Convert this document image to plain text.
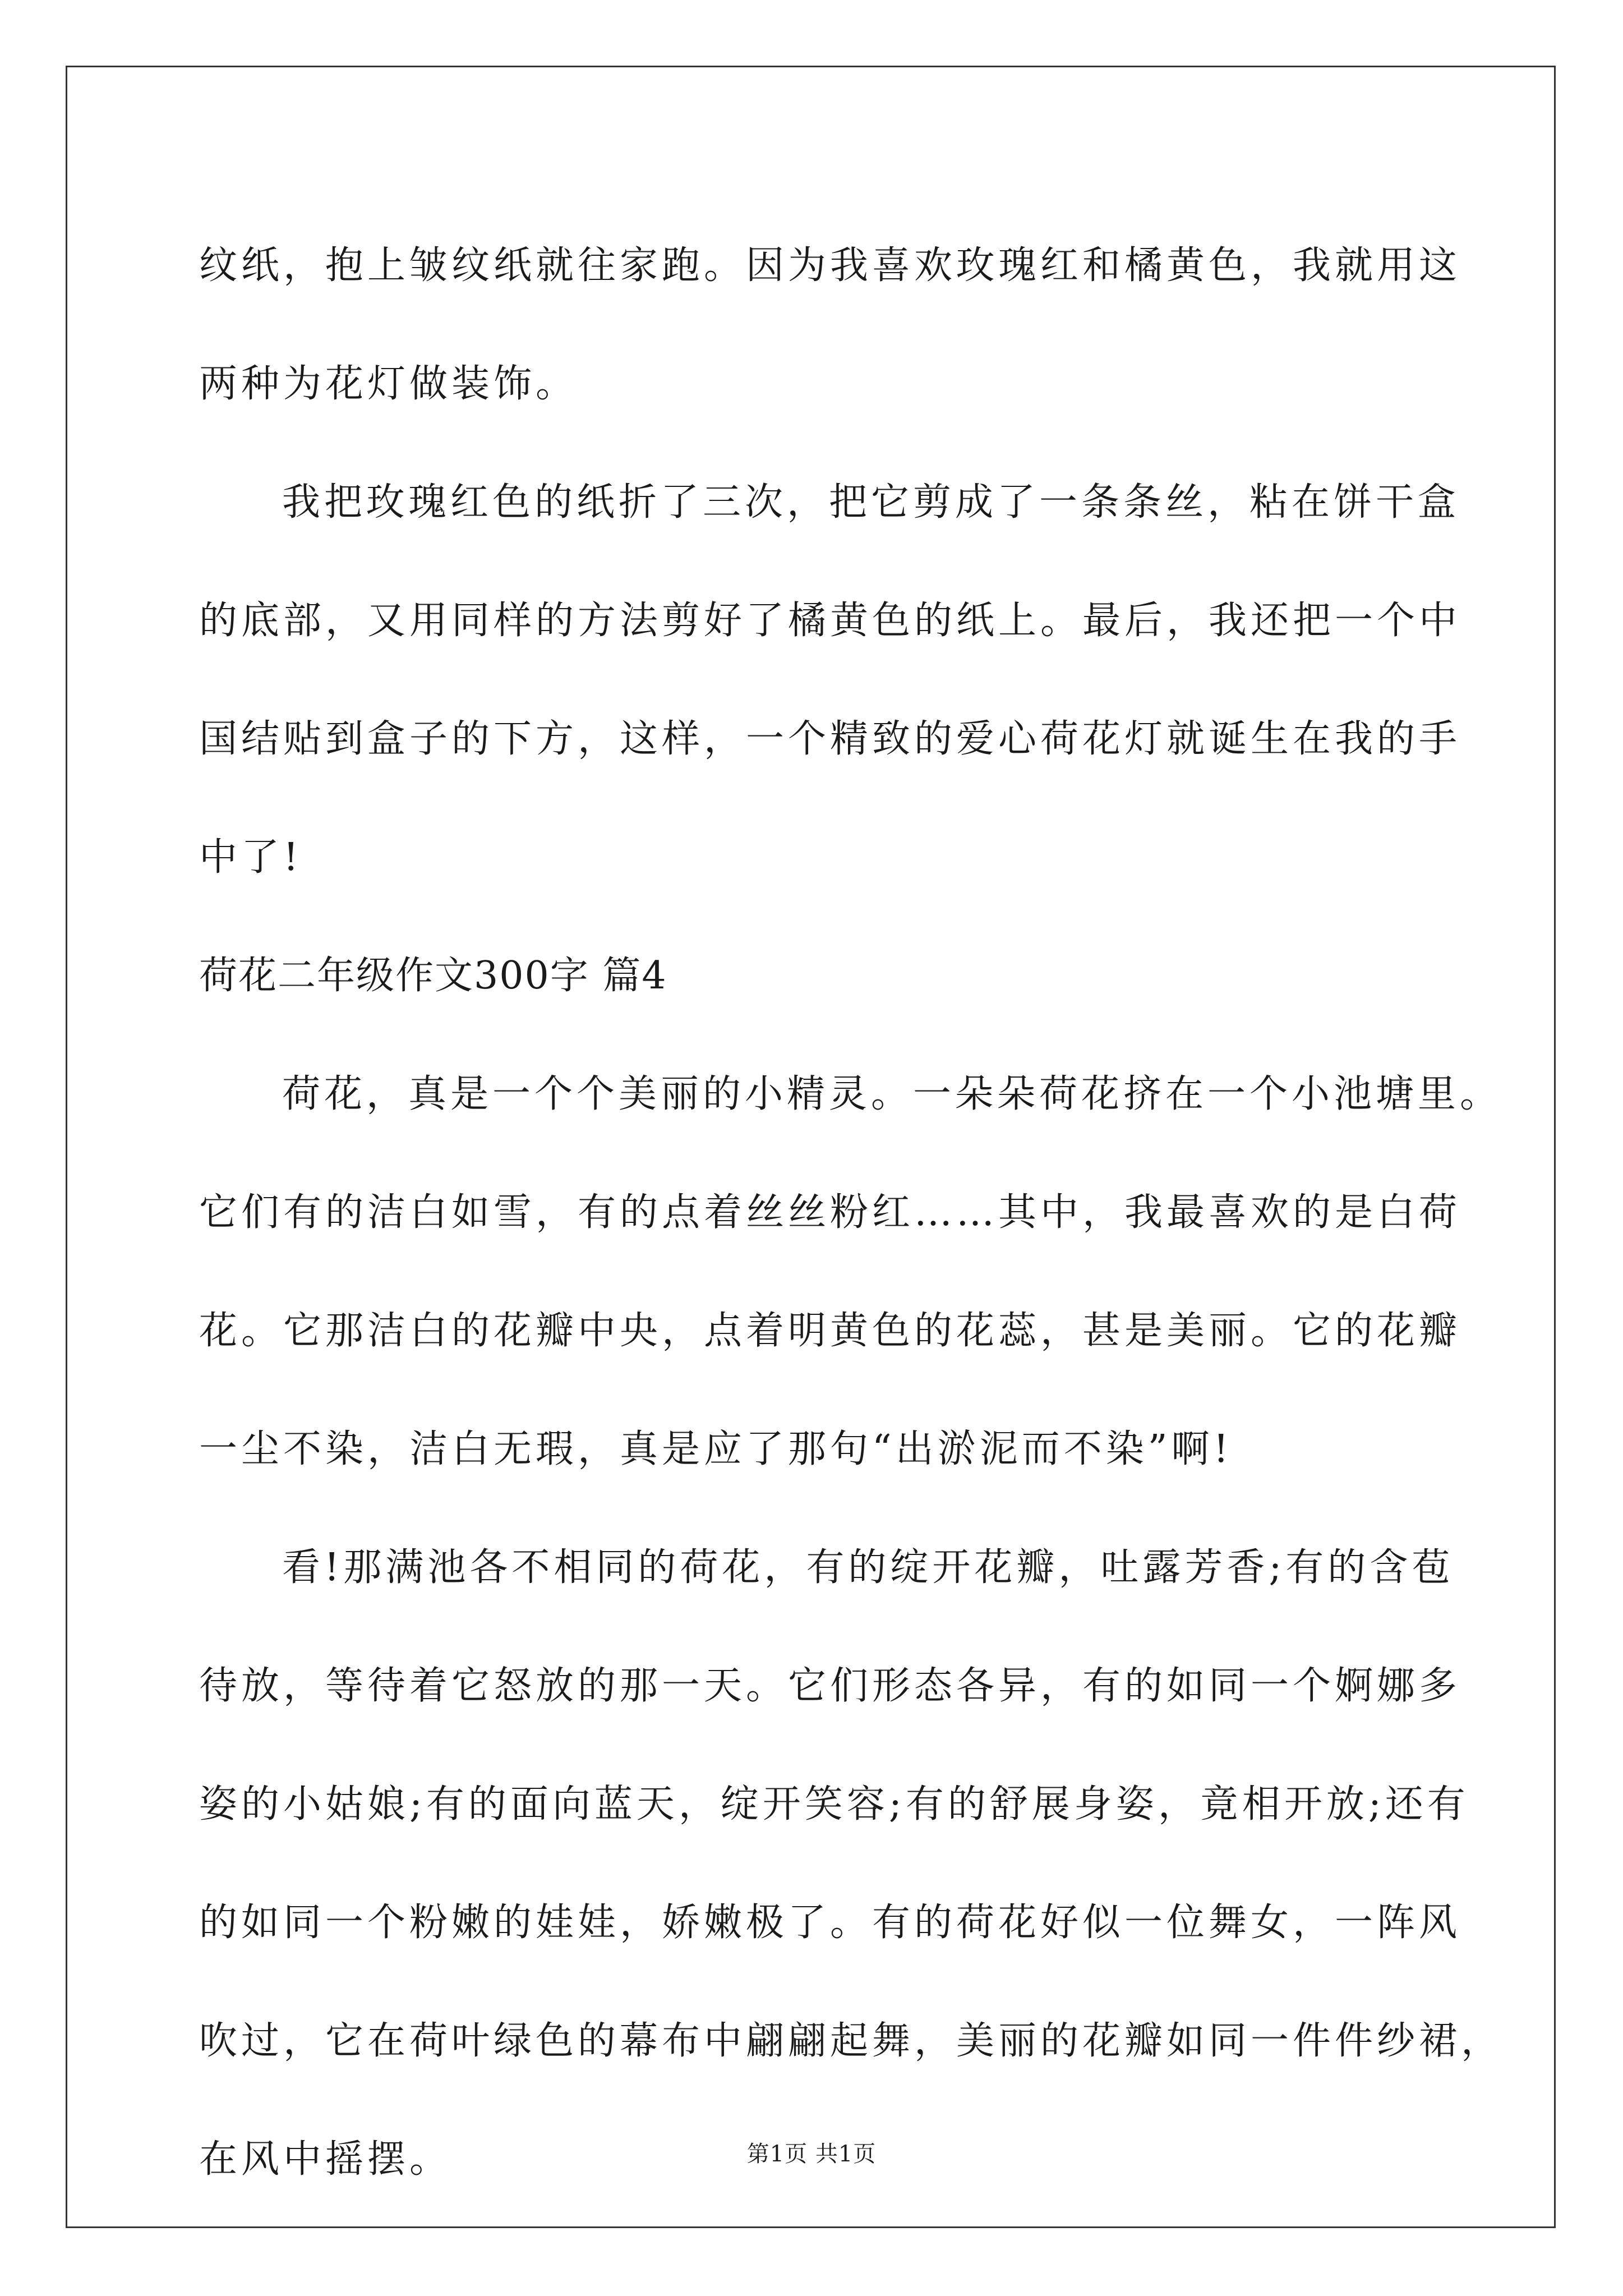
纹纸，抱上皱纹纸就往家跑。因为我喜欢玫瑰红和橘黄色，我就用这
两种为花灯做装饰。
我把玫瑰红色的纸折了三次，把它剪成了一条条丝，粘在饼干盒
的底部，又用同样的方法剪好了橘黄色的纸上。最后，我还把一个中
国结贴到盒子的下方，这样，一个精致的爱心荷花灯就诞生在我的手
中了!
荷花二年级作文300字 篇4
荷花，真是一个个美丽的小精灵。一朵朵荷花挤在一个小池塘里。
它们有的洁白如雪，有的点着丝丝粉红……其中，我最喜欢的是白荷
花。它那洁白的花瓣中央，点着明黄色的花蕊，甚是美丽。它的花瓣
一尘不染，洁白无瑕，真是应了那句“出淤泥而不染”啊!
看!那满池各不相同的荷花，有的绽开花瓣，吐露芳香;有的含苞
待放，等待着它怒放的那一天。它们形态各异，有的如同一个婀娜多
姿的小姑娘;有的面向蓝天，绽开笑容;有的舒展身姿，竟相开放;还有
的如同一个粉嫩的娃娃，娇嫩极了。有的荷花好似一位舞女，一阵风
吹过，它在荷叶绿色的幕布中翩翩起舞，美丽的花瓣如同一件件纱裙，
在风中摇摆。	第1页 共1页
